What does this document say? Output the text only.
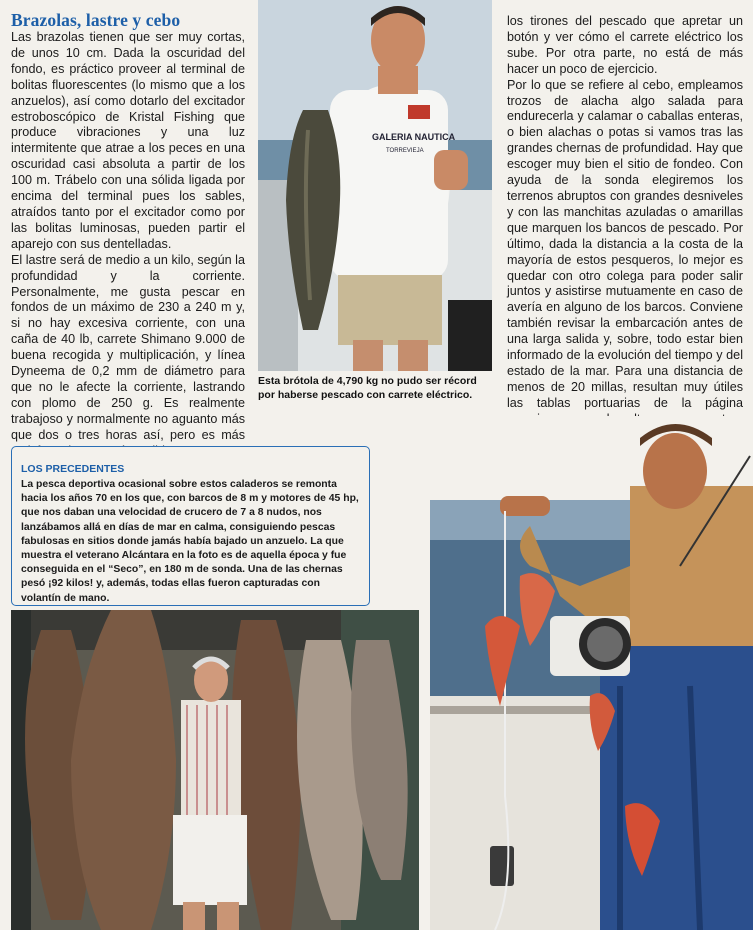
Brazolas, lastre y cebo

Las brazolas tienen que ser muy cortas, de unos 10 cm. Dada la oscuridad del fondo, es práctico proveer al terminal de bolitas fluorescentes (lo mismo que a los anzuelos), así como dotarlo del excitador estroboscópico de Kristal Fishing que produce vibraciones y una luz intermitente que atrae a los peces en una oscuridad casi absoluta a partir de los 100 m. Trábelo con una sólida ligada por encima del terminal pues los sables, atraídos tanto por el excitador como por las bolitas luminosas, pueden partir el aparejo con sus dentelladas.

El lastre será de medio a un kilo, según la profundidad y la corriente. Personalmente, me gusta pescar en fondos de un máximo de 230 a 240 m y, si no hay excesiva corriente, con una caña de 40 lb, carrete Shimano 9.000 de buena recogida y multiplicación, y línea Dyneema de 0,2 mm de diámetro para que no le afecte la corriente, lastrando con plomo de 250 g. Es realmente trabajoso y normalmente no aguanto más que dos o tres horas así, pero es más

GALERIA NAUTICA
TORREVIEJA
Esta brótola de 4,790 kg no pudo ser récord por haberse pescado con carrete eléctrico.

los tirones del pescado que apretar un botón y ver cómo el carrete eléctrico los sube. Por otra parte, no está de más hacer un poco de ejercicio.

Por lo que se refiere al cebo, empleamos trozos de alacha algo salada para endurecerla y calamar o caballas enteras, o bien alachas o potas si vamos tras las grandes chernas de profundidad. Hay que escoger muy bien el sitio de fondeo. Con ayuda de la sonda elegiremos los terrenos abruptos con grandes desniveles y con las manchitas azuladas o amarillas que marquen los bancos de pescado. Por último, dada la distancia a la costa de la mayoría de estos pesqueros, lo mejor es quedar con otro colega para poder salir juntos y asistirse mutuamente en caso de avería en alguno de los barcos. Conviene también revisar la embarcación antes de una larga salida y, sobre, todo estar bien informado de la evolución del tiempo y del estado de la mar. Para una distancia de menos de 20 millas, resultan muy útiles las tablas portuarias de la página

LOS PRECEDENTES

La pesca deportiva ocasional sobre estos caladeros se remonta hacia los años 70 en los que, con barcos de 8 m y motores de 45 hp, que nos daban una velocidad de crucero de 7 a 8 nudos, nos lanzábamos allá en días de mar en calma, consiguiendo pescas fabulosas en sitios donde jamás había bajado un anzuelo. La que muestra el veterano Alcántara en la foto es de aquella época y fue conseguida en el “Seco”, en 180 m de sonda. Una de las chernas pesó ¡92 kilos! y, además, todas ellas fueron capturadas con volantín de mano.
